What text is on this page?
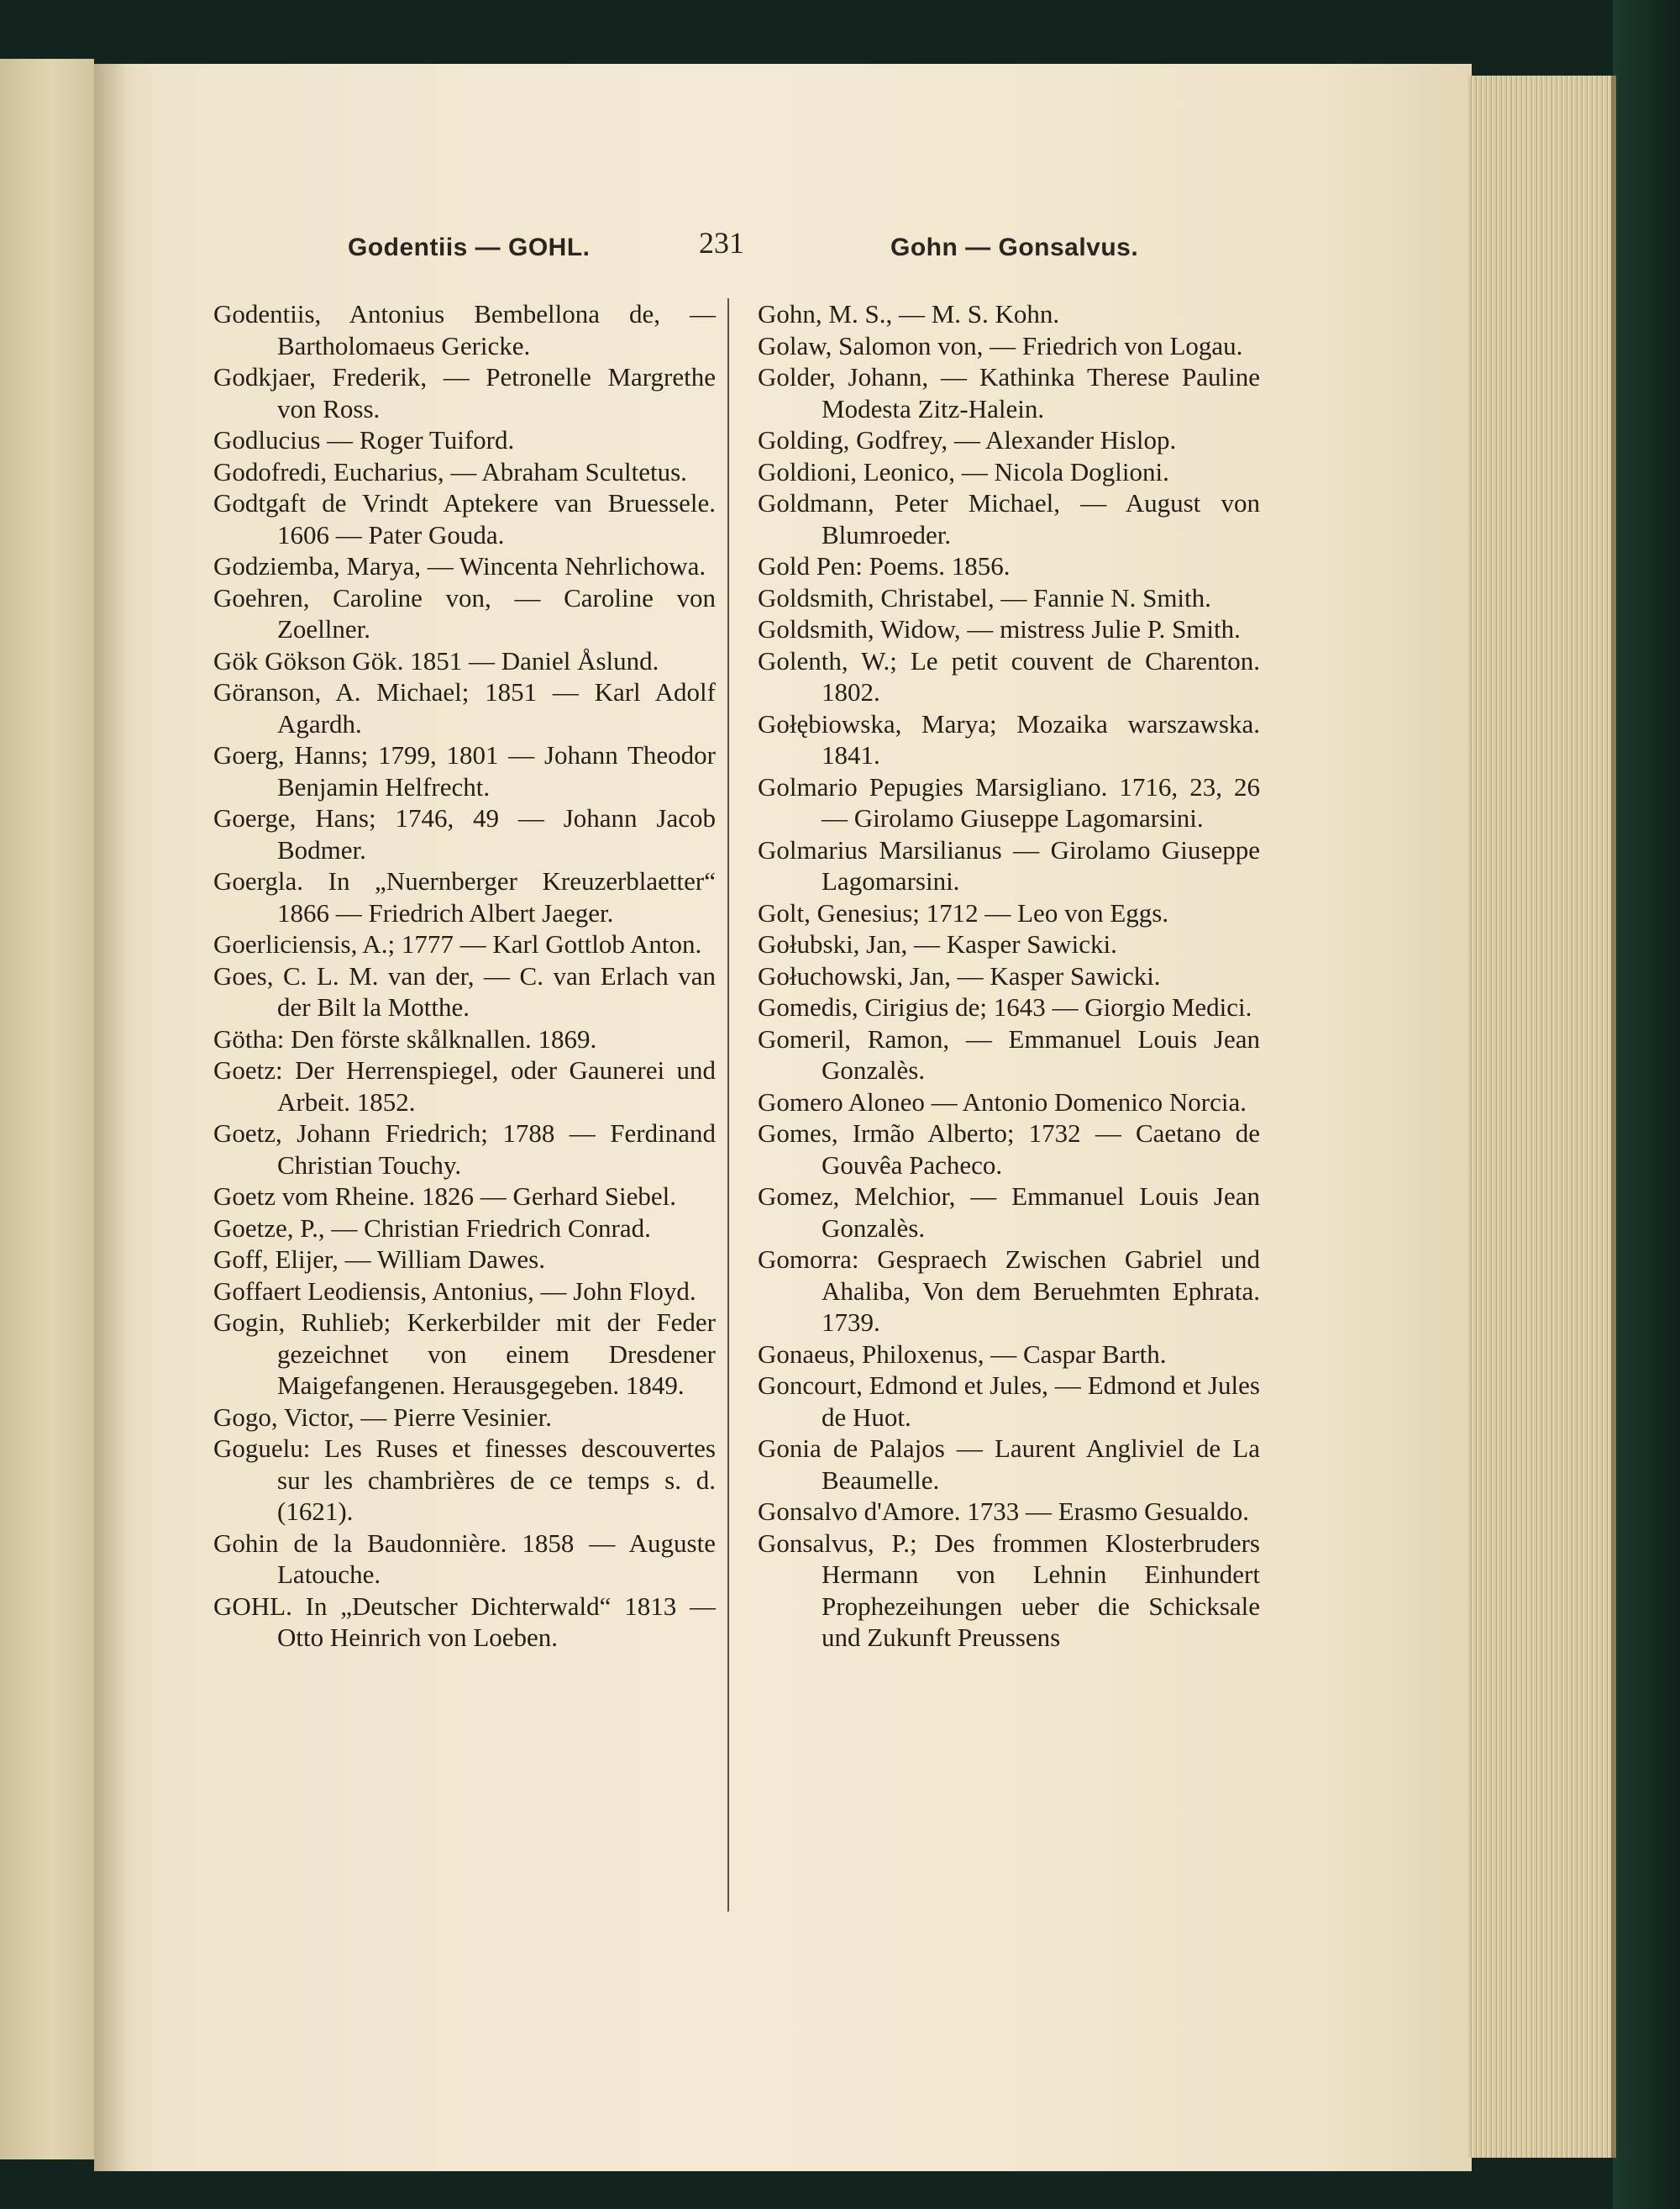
Godentiis — GOHL.	231	Gohn — Gonsalvus.

Godentiis, Antonius Bembellona de, — Bartholomaeus Gericke.

Godkjaer, Frederik, — Petronelle Margrethe von Ross.

Godlucius — Roger Tuiford.

Godofredi, Eucharius, — Abraham Scultetus.

Godtgaft de Vrindt Aptekere van Bruessele. 1606 — Pater Gouda.

Godziemba, Marya, — Wincenta Nehrlichowa.

Goehren, Caroline von, — Caroline von Zoellner.

Gök Gökson Gök. 1851 — Daniel Åslund.

Göranson, A. Michael; 1851 — Karl Adolf Agardh.

Goerg, Hanns; 1799, 1801 — Johann Theodor Benjamin Helfrecht.

Goerge, Hans; 1746, 49 — Johann Jacob Bodmer.

Goergla. In „Nuernberger Kreuzerblaetter“ 1866 — Friedrich Albert Jaeger.

Goerliciensis, A.; 1777 — Karl Gottlob Anton.

Goes, C. L. M. van der, — C. van Erlach van der Bilt la Motthe.

Götha: Den förste skålknallen. 1869.

Goetz: Der Herrenspiegel, oder Gaunerei und Arbeit. 1852.

Goetz, Johann Friedrich; 1788 — Ferdinand Christian Touchy.

Goetz vom Rheine. 1826 — Gerhard Siebel.

Goetze, P., — Christian Friedrich Conrad.

Goff, Elijer, — William Dawes.

Goffaert Leodiensis, Antonius, — John Floyd.

Gogin, Ruhlieb; Kerkerbilder mit der Feder gezeichnet von einem Dresdener Maigefangenen. Herausgegeben. 1849.

Gogo, Victor, — Pierre Vesinier.

Goguelu: Les Ruses et finesses descouvertes sur les chambrières de ce temps s. d. (1621).

Gohin de la Baudonnière. 1858 — Auguste Latouche.

GOHL. In „Deutscher Dichterwald“ 1813 — Otto Heinrich von Loeben.

Gohn, M. S., — M. S. Kohn.

Golaw, Salomon von, — Friedrich von Logau.

Golder, Johann, — Kathinka Therese Pauline Modesta Zitz-Halein.

Golding, Godfrey, — Alexander Hislop.

Goldioni, Leonico, — Nicola Doglioni.

Goldmann, Peter Michael, — August von Blumroeder.

Gold Pen: Poems. 1856.

Goldsmith, Christabel, — Fannie N. Smith.

Goldsmith, Widow, — mistress Julie P. Smith.

Golenth, W.; Le petit couvent de Charenton. 1802.

Gołębiowska, Marya; Mozaika warszawska. 1841.

Golmario Pepugies Marsigliano. 1716, 23, 26 — Girolamo Giuseppe Lagomarsini.

Golmarius Marsilianus — Girolamo Giuseppe Lagomarsini.

Golt, Genesius; 1712 — Leo von Eggs.

Gołubski, Jan, — Kasper Sawicki.

Gołuchowski, Jan, — Kasper Sawicki.

Gomedis, Cirigius de; 1643 — Giorgio Medici.

Gomeril, Ramon, — Emmanuel Louis Jean Gonzalès.

Gomero Aloneo — Antonio Domenico Norcia.

Gomes, Irmão Alberto; 1732 — Caetano de Gouvêa Pacheco.

Gomez, Melchior, — Emmanuel Louis Jean Gonzalès.

Gomorra: Gespraech Zwischen Gabriel und Ahaliba, Von dem Beruehmten Ephrata. 1739.

Gonaeus, Philoxenus, — Caspar Barth.

Goncourt, Edmond et Jules, — Edmond et Jules de Huot.

Gonia de Palajos — Laurent Angliviel de La Beaumelle.

Gonsalvo d'Amore. 1733 — Erasmo Gesualdo.

Gonsalvus, P.; Des frommen Klosterbruders Hermann von Lehnin Einhundert Prophezeihungen ueber die Schicksale und Zukunft Preussens
